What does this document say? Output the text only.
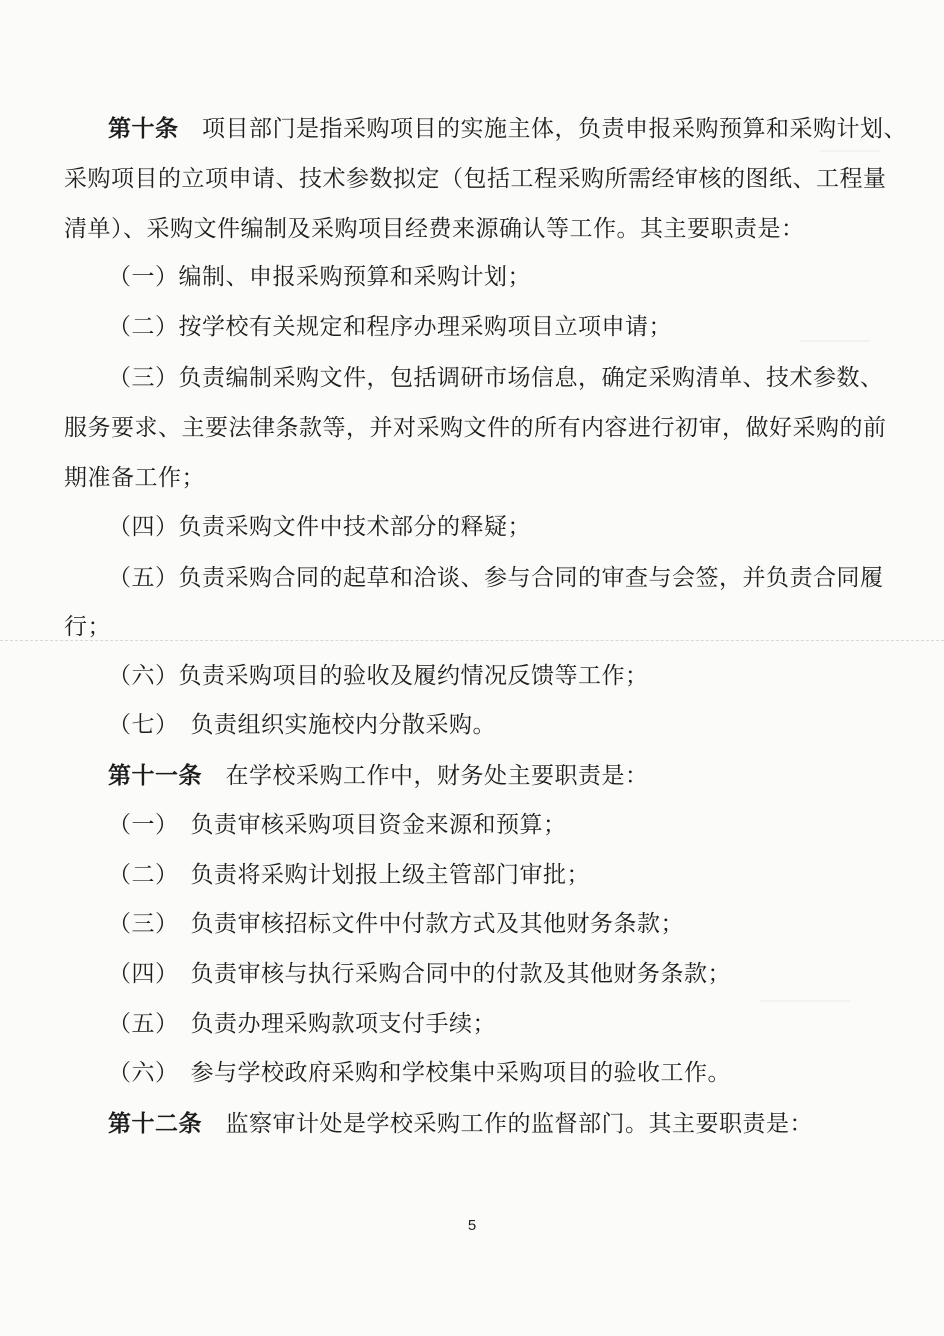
第十条　 项目部门是指采购项目的实施主体，负责申报采购预算和采购计划、
采购项目的立项申请、技术参数拟定（包括工程采购所需经审核的图纸、工程量
清单）、采购文件编制及采购项目经费来源确认等工作。其主要职责是：
（一）编制、申报采购预算和采购计划；
（二）按学校有关规定和程序办理采购项目立项申请；
（三）负责编制采购文件，包括调研市场信息，确定采购清单、技术参数、
服务要求、主要法律条款等，并对采购文件的所有内容进行初审，做好采购的前
期准备工作；
（四）负责采购文件中技术部分的释疑；
（五）负责采购合同的起草和洽谈、参与合同的审查与会签，并负责合同履
行；
（六）负责采购项目的验收及履约情况反馈等工作；
（七）　负责组织实施校内分散采购。
第十一条　 在学校采购工作中，财务处主要职责是：
（一）　负责审核采购项目资金来源和预算；
（二）　负责将采购计划报上级主管部门审批；
（三）　负责审核招标文件中付款方式及其他财务条款；
（四）　负责审核与执行采购合同中的付款及其他财务条款；
（五）　负责办理采购款项支付手续；
（六）　参与学校政府采购和学校集中采购项目的验收工作。
第十二条　 监察审计处是学校采购工作的监督部门。其主要职责是：
5
